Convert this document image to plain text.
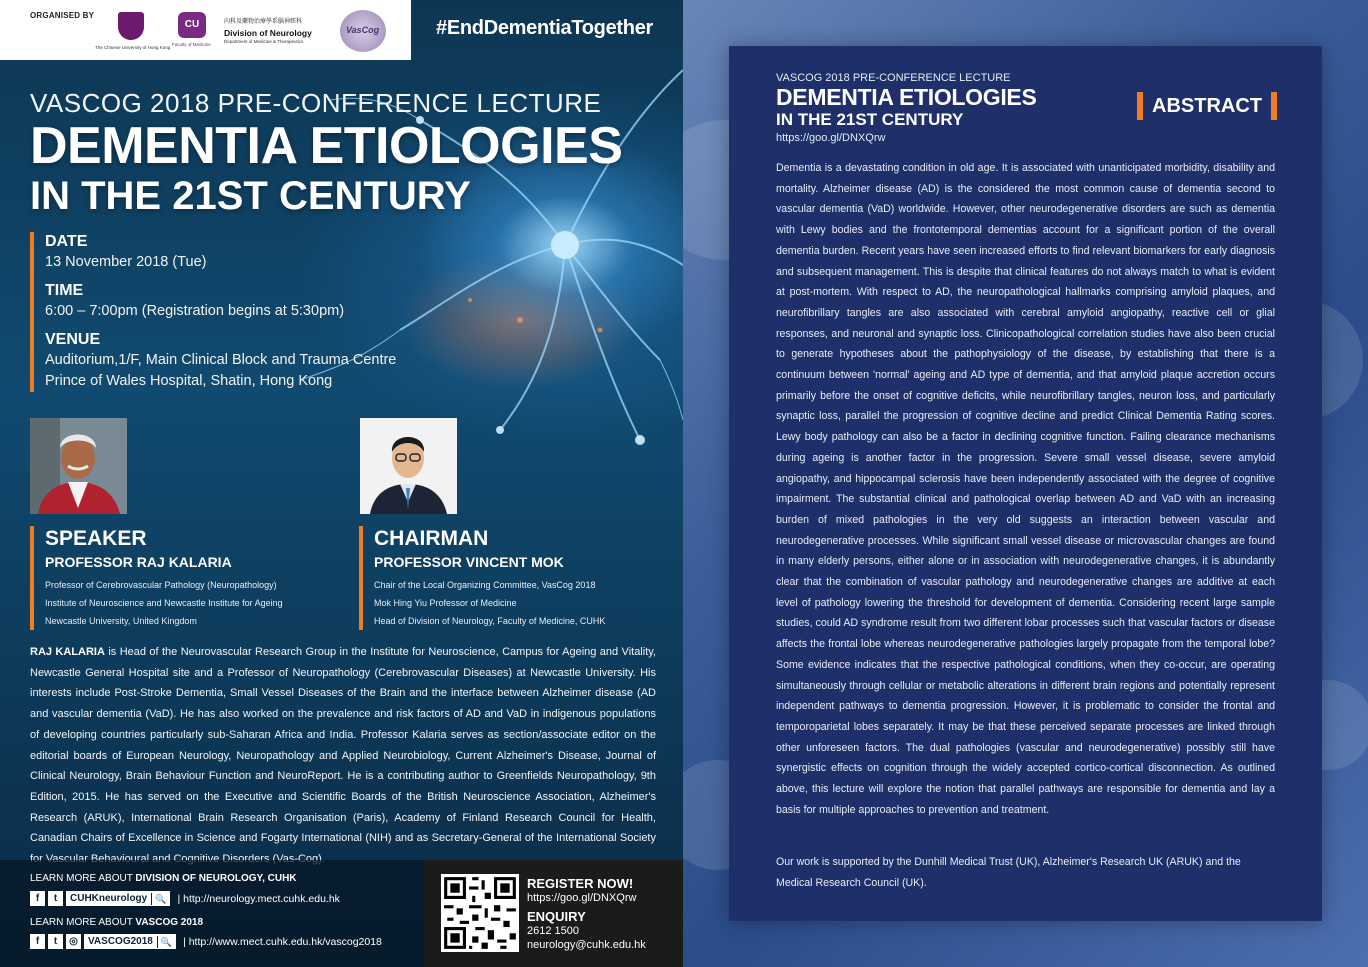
ORGANISED BY
The Chinese University of Hong Kong
CU
Faculty of Medicine
內科及藥物治療學系腦神經科
Division of Neurology
Department of Medicine & Therapeutics
VasCog	#EndDementiaTogether
VASCOG 2018 PRE-CONFERENCE LECTURE
DEMENTIA ETIOLOGIES
IN THE 21ST CENTURY
DATE
13 November 2018 (Tue)
TIME
6:00 – 7:00pm (Registration begins at 5:30pm)
VENUE
Auditorium,1/F, Main Clinical Block and Trauma Centre
Prince of Wales Hospital, Shatin, Hong Kong
SPEAKER
PROFESSOR RAJ KALARIA
Professor of Cerebrovascular Pathology (Neuropathology)
Institute of Neuroscience and Newcastle Institute for Ageing
Newcastle University, United Kingdom
CHAIRMAN
PROFESSOR VINCENT MOK
Chair of the Local Organizing Committee, VasCog 2018
Mok Hing Yiu Professor of Medicine
Head of Division of Neurology, Faculty of Medicine, CUHK
RAJ KALARIA is Head of the Neurovascular Research Group in the Institute for Neuroscience, Campus for Ageing and Vitality, Newcastle General Hospital site and a Professor of Neuropathology (Cerebrovascular Diseases) at Newcastle University. His interests include Post-Stroke Dementia, Small Vessel Diseases of the Brain and the interface between Alzheimer disease (AD and vascular dementia (VaD). He has also worked on the prevalence and risk factors of AD and VaD in indigenous populations of developing countries particularly sub-Saharan Africa and India. Professor Kalaria serves as section/associate editor on the editorial boards of European Neurology, Neuropathology and Applied Neurobiology, Current Alzheimer's Disease, Journal of Clinical Neurology, Brain Behaviour Function and NeuroReport. He is a contributing author to Greenfields Neuropathology, 9th Edition, 2015. He has served on the Executive and Scientific Boards of the British Neuroscience Association, Alzheimer's Research (ARUK), International Brain Research Organisation (Paris), Academy of Finland Research Council for Health, Canadian Chairs of Excellence in Science and Fogarty International (NIH) and as Secretary-General of the International Society
LEARN MORE ABOUT DIVISION OF NEUROLOGY, CUHK
f	t	CUHKneurology 🔍 | http://neurology.mect.cuhk.edu.hk
LEARN MORE ABOUT VASCOG 2018
f	t	◎	VASCOG2018 🔍 | http://www.mect.cuhk.edu.hk/vascog2018
REGISTER NOW!
https://goo.gl/DNXQrw
ENQUIRY
2612 1500
neurology@cuhk.edu.hk
VASCOG 2018 PRE-CONFERENCE LECTURE
DEMENTIA ETIOLOGIES
IN THE 21ST CENTURY
https://goo.gl/DNXQrw
ABSTRACT
Dementia is a devastating condition in old age. It is associated with unanticipated morbidity, disability and mortality. Alzheimer disease (AD) is the considered the most common cause of dementia second to vascular dementia (VaD) worldwide. However, other neurodegenerative disorders are such as dementia with Lewy bodies and the frontotemporal dementias account for a significant portion of the overall dementia burden. Recent years have seen increased efforts to find relevant biomarkers for early diagnosis and subsequent management. This is despite that clinical features do not always match to what is evident at post-mortem. With respect to AD, the neuropathological hallmarks comprising amyloid plaques, and neurofibrillary tangles are also associated with cerebral amyloid angiopathy, reactive cell or glial responses, and neuronal and synaptic loss. Clinicopathological correlation studies have also been crucial to generate hypotheses about the pathophysiology of the disease, by establishing that there is a continuum between 'normal' ageing and AD type of dementia, and that amyloid plaque accretion occurs primarily before the onset of cognitive deficits, while neurofibrillary tangles, neuron loss, and particularly synaptic loss, parallel the progression of cognitive decline and predict Clinical Dementia Rating scores. Lewy body pathology can also be a factor in declining cognitive function. Failing clearance mechanisms during ageing is another factor in the progression. Severe small vessel disease, severe amyloid angiopathy, and hippocampal sclerosis have been independently associated with the degree of cognitive impairment. The substantial clinical and pathological overlap between AD and VaD with an increasing burden of mixed pathologies in the very old suggests an interaction between vascular and neurodegenerative processes. While significant small vessel disease or microvascular changes are found in many elderly persons, either alone or in association with neurodegenerative changes, it is abundantly clear that the combination of vascular pathology and neurodegenerative changes are additive at each level of pathology lowering the threshold for development of dementia. Considering recent large sample studies, could AD syndrome result from two different lobar processes such that vascular factors or disease affects the frontal lobe whereas neurodegenerative pathologies largely propagate from the temporal lobe? Some evidence indicates that the respective pathological conditions, when they co-occur, are operating simultaneously through cellular or metabolic alterations in different brain regions and potentially represent independent pathways to dementia progression. However, it is problematic to consider the frontal and temporoparietal lobes separately. It may be that these perceived separate processes are linked through other unforeseen factors. The dual pathologies (vascular and neurodegenerative) possibly still have synergistic effects on cognition through the widely accepted cortico-cortical disconnection. As outlined above, this lecture will explore the notion that parallel pathways are responsible for dementia and lay a basis for multiple approaches to prevention and treatment.
Our work is supported by the Dunhill Medical Trust (UK), Alzheimer's Research UK (ARUK) and the Medical Research Council (UK).
